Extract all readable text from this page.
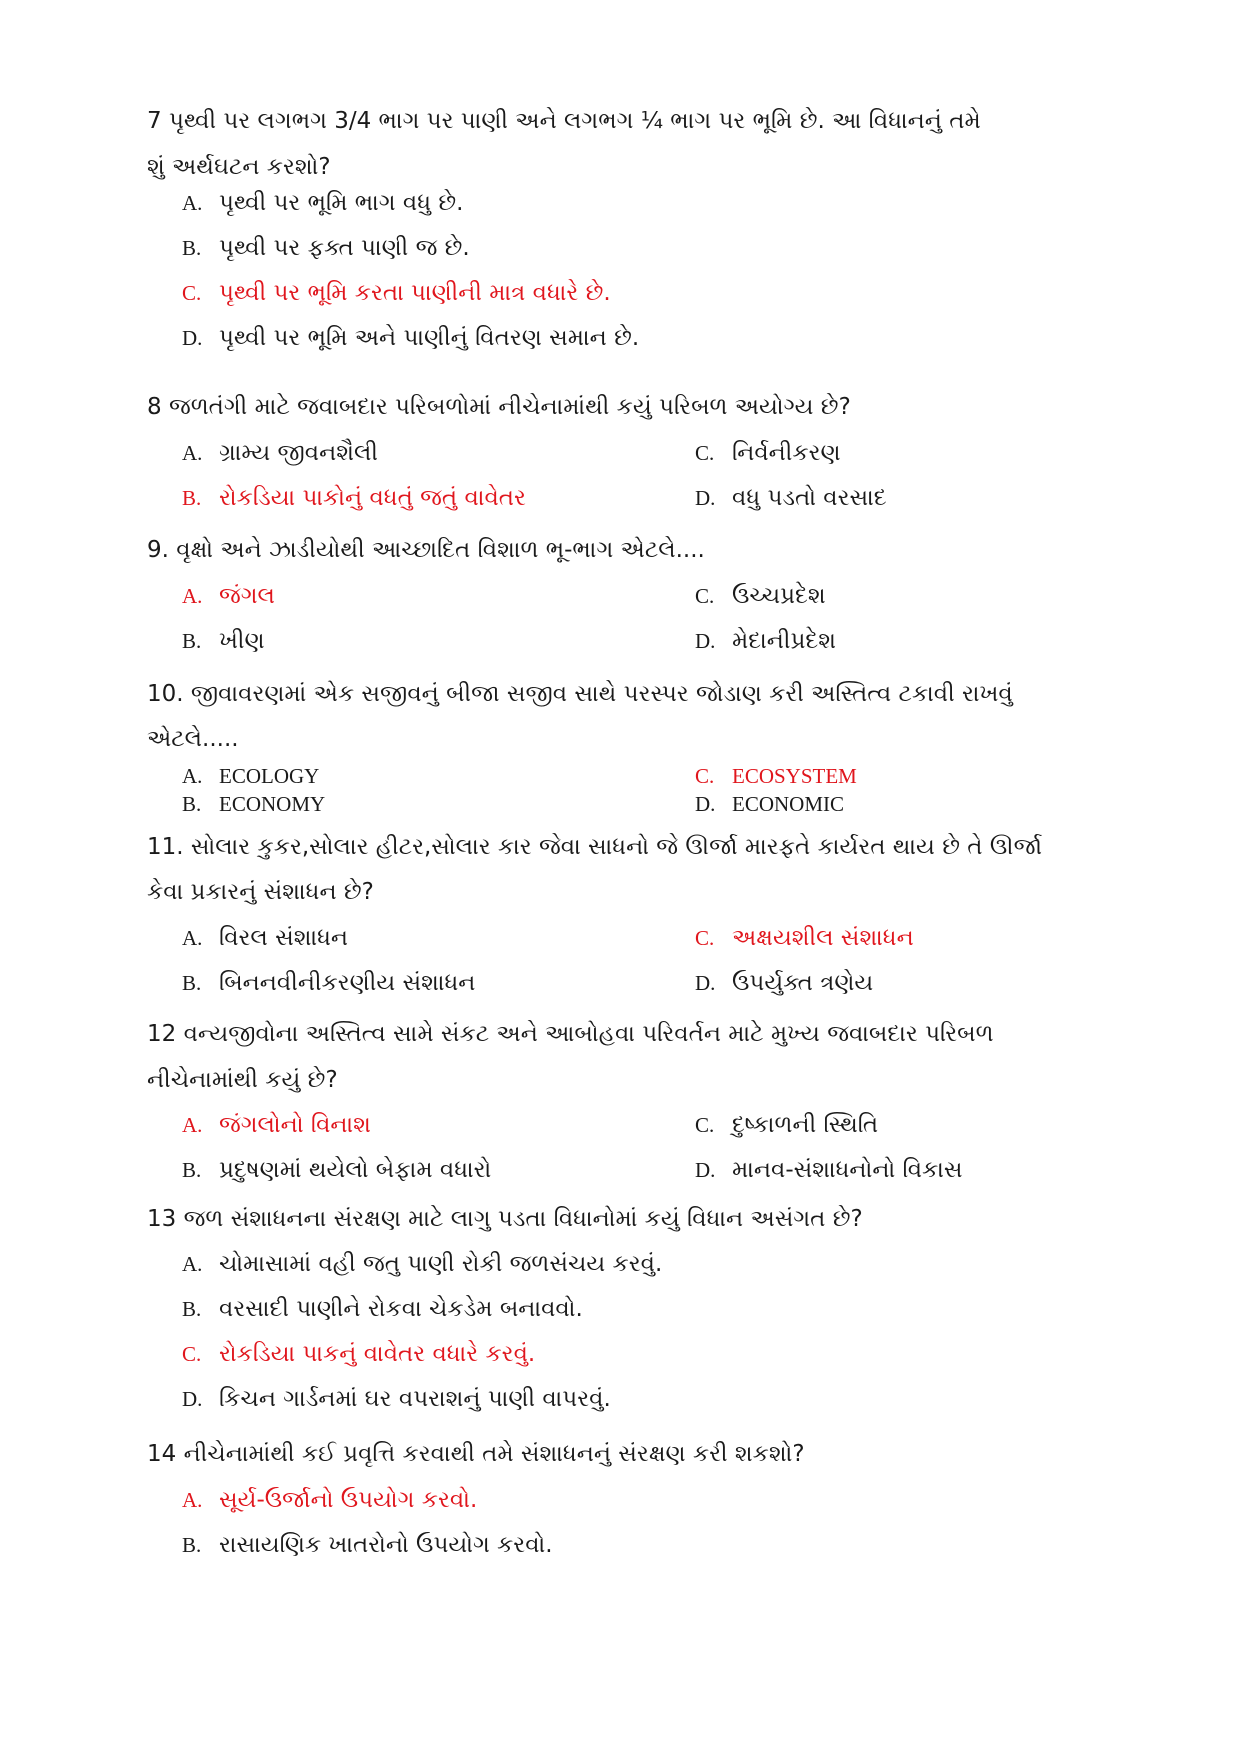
7 પૃથ્વી પર લગભગ 3/4 ભાગ પર પાણી અને લગભગ ¼ ભાગ પર ભૂમિ છે. આ વિધાનનું તમે
શું અર્થઘટન કરશો?
A. પૃથ્વી પર ભૂમિ ભાગ વધુ છે.
B. પૃથ્વી પર ફક્ત પાણી જ છે.
C. પૃથ્વી પર ભૂમિ કરતા પાણીની માત્ર વધારે છે.
D. પૃથ્વી પર ભૂમિ અને પાણીનું વિતરણ સમાન છે.
8 જળતંગી માટે જવાબદાર પરિબળોમાં નીચેનામાંથી કયું પરિબળ અયોગ્ય છે?
A. ગ્રામ્ય જીવનશૈલી	C. નિર્વનીકરણ
B. રોકડિયા પાકોનું વધતું જતું વાવેતર	D. વધુ પડતો વરસાદ
9. વૃક્ષો અને ઝાડીયોથી આચ્છાદિત વિશાળ ભૂ-ભાગ એટલે....
A. જંગલ	C. ઉચ્ચપ્રદેશ
B. ખીણ	D. મેદાનીપ્રદેશ
10. જીવાવરણમાં એક સજીવનું બીજા સજીવ સાથે પરસ્પર જોડાણ કરી અસ્તિત્વ ટકાવી રાખવું
એટલે.....
A. ECOLOGY	C. ECOSYSTEM
B. ECONOMY	D. ECONOMIC
11. સોલાર કુકર,સોલાર હીટર,સોલાર કાર જેવા સાધનો જે ઊર્જા મારફતે કાર્યરત થાય છે તે ઊર્જા
કેવા પ્રકારનું સંશાધન છે?
A. વિરલ સંશાધન	C. અક્ષયશીલ સંશાધન
B. બિનનવીનીકરણીય સંશાધન	D. ઉપર્યુક્ત ત્રણેય
12 વન્યજીવોના અસ્તિત્વ સામે સંકટ અને આબોહવા પરિવર્તન માટે મુખ્ય જવાબદાર પરિબળ
નીચેનામાંથી કયું છે?
A. જંગલોનો વિનાશ	C. દુષ્કાળની સ્થિતિ
B. પ્રદુષણમાં થયેલો બેફામ વધારો	D. માનવ-સંશાધનોનો વિકાસ
13 જળ સંશાધનના સંરક્ષણ માટે લાગુ પડતા વિધાનોમાં કયું વિધાન અસંગત છે?
A. ચોમાસામાં વહી જતુ પાણી રોકી જળસંચય કરવું.
B. વરસાદી પાણીને રોકવા ચેકડેમ બનાવવો.
C. રોકડિયા પાકનું વાવેતર વધારે કરવું.
D. કિચન ગાર્ડનમાં ઘર વપરાશનું પાણી વાપરવું.
14 નીચેનામાંથી કઈ પ્રવૃત્તિ કરવાથી તમે સંશાધનનું સંરક્ષણ કરી શકશો?
A. સૂર્ય-ઉર્જાનો ઉપયોગ કરવો.
B. રાસાયણિક ખાતરોનો ઉપયોગ કરવો.
